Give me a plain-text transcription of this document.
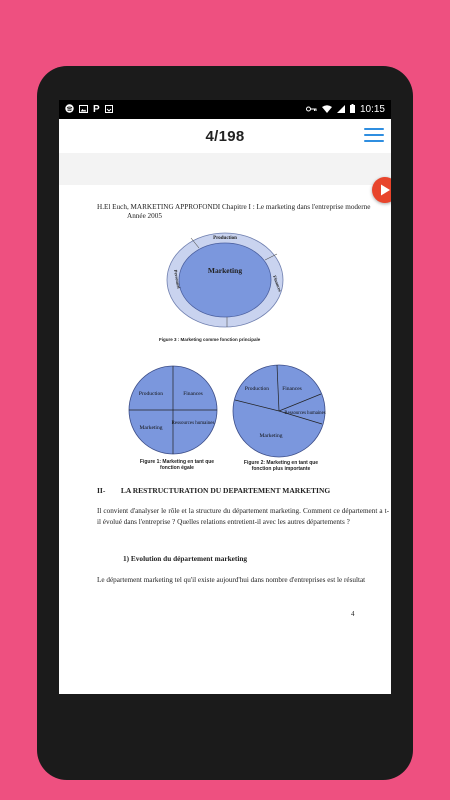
P	10:15
4/198
H.El Euch, MARKETING APPROFONDI
Année 2005
Chapitre I : Le marketing dans l'entreprise moderne
Marketing
Production
Finances
Personnel
Figure 3 : Marketing comme fonction principale
Production	Finances
Marketing
Ressources humaines
Figure 1: Marketing en tant que
fonction égale
Production Finances
Ressources humaines
Marketing
Figure 2: Marketing en tant que
fonction plus importante
II- LA RESTRUCTURATION DU DEPARTEMENT MARKETING
Il convient d'analyser le rôle et la structure du département marketing. Comment ce département a t-il évolué dans l'entreprise ? Quelles relations entretient-il avec les autres départements ?
1) Evolution du département marketing
Le département marketing tel qu'il existe aujourd'hui dans nombre d'entreprises est le résultat
4
